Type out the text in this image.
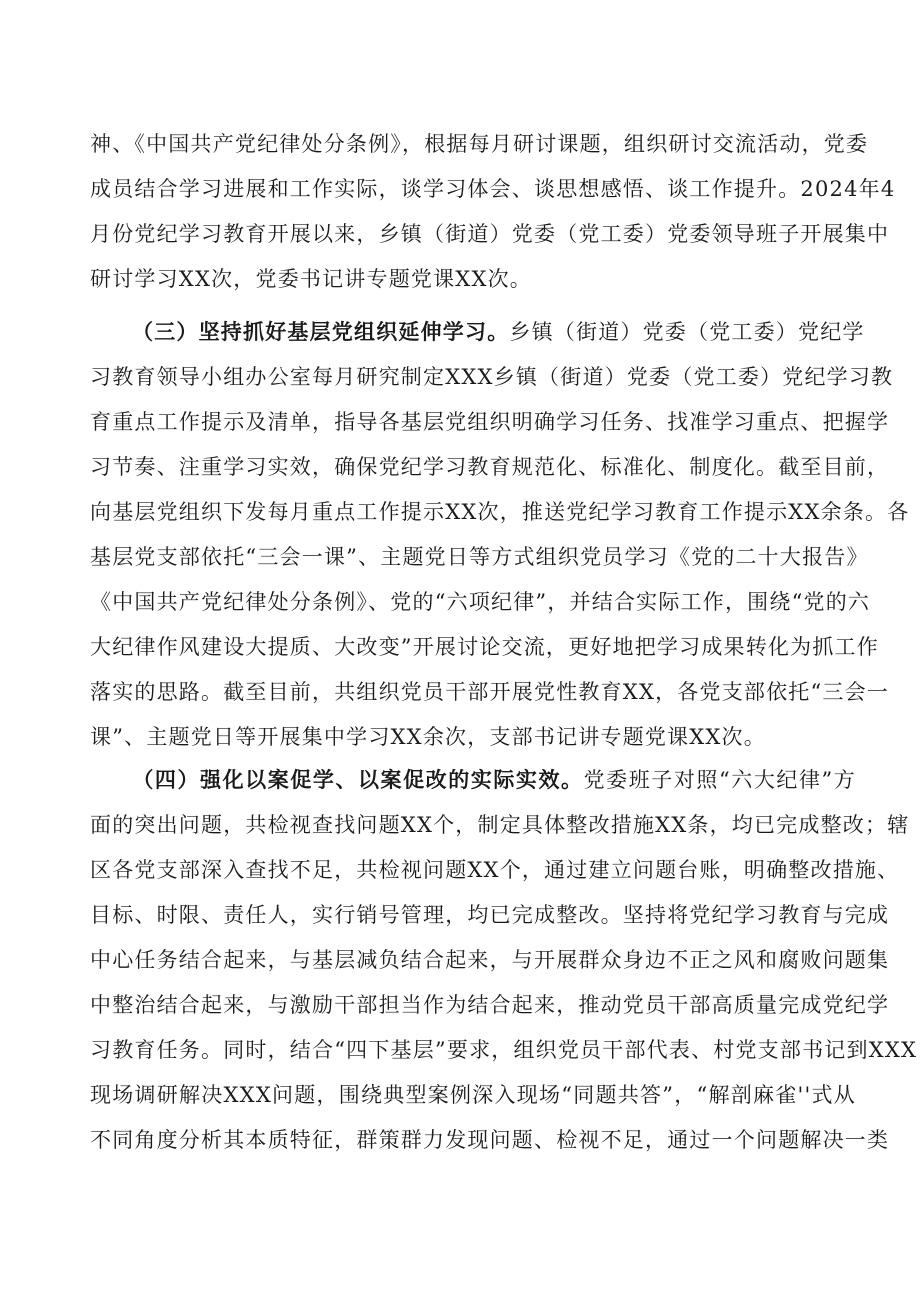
神、《中国共产党纪律处分条例》，根据每月研讨课题，组织研讨交流活动，党委
成员结合学习进展和工作实际，谈学习体会、谈思想感悟、谈工作提升。2024年4
月份党纪学习教育开展以来，乡镇（街道）党委（党工委）党委领导班子开展集中
研讨学习XX次，党委书记讲专题党课XX次。
（三）坚持抓好基层党组织延伸学习。乡镇（街道）党委（党工委）党纪学
习教育领导小组办公室每月研究制定XXX乡镇（街道）党委（党工委）党纪学习教
育重点工作提示及清单，指导各基层党组织明确学习任务、找准学习重点、把握学
习节奏、注重学习实效，确保党纪学习教育规范化、标准化、制度化。截至目前，
向基层党组织下发每月重点工作提示XX次，推送党纪学习教育工作提示XX余条。各
基层党支部依托“三会一课”、主题党日等方式组织党员学习《党的二十大报告》
《中国共产党纪律处分条例》、党的“六项纪律”，并结合实际工作，围绕“党的六
大纪律作风建设大提质、大改变”开展讨论交流，更好地把学习成果转化为抓工作
落实的思路。截至目前，共组织党员干部开展党性教育XX，各党支部依托“三会一
课”、主题党日等开展集中学习XX余次，支部书记讲专题党课XX次。
（四）强化以案促学、以案促改的实际实效。党委班子对照“六大纪律”方
面的突出问题，共检视查找问题XX个，制定具体整改措施XX条，均已完成整改；辖
区各党支部深入查找不足，共检视问题XX个，通过建立问题台账，明确整改措施、
目标、时限、责任人，实行销号管理，均已完成整改。坚持将党纪学习教育与完成
中心任务结合起来，与基层减负结合起来，与开展群众身边不正之风和腐败问题集
中整治结合起来，与激励干部担当作为结合起来，推动党员干部高质量完成党纪学
习教育任务。同时，结合“四下基层”要求，组织党员干部代表、村党支部书记到XXX
现场调研解决XXX问题，围绕典型案例深入现场“同题共答”，“解剖麻雀''式从
不同角度分析其本质特征，群策群力发现问题、检视不足，通过一个问题解决一类
